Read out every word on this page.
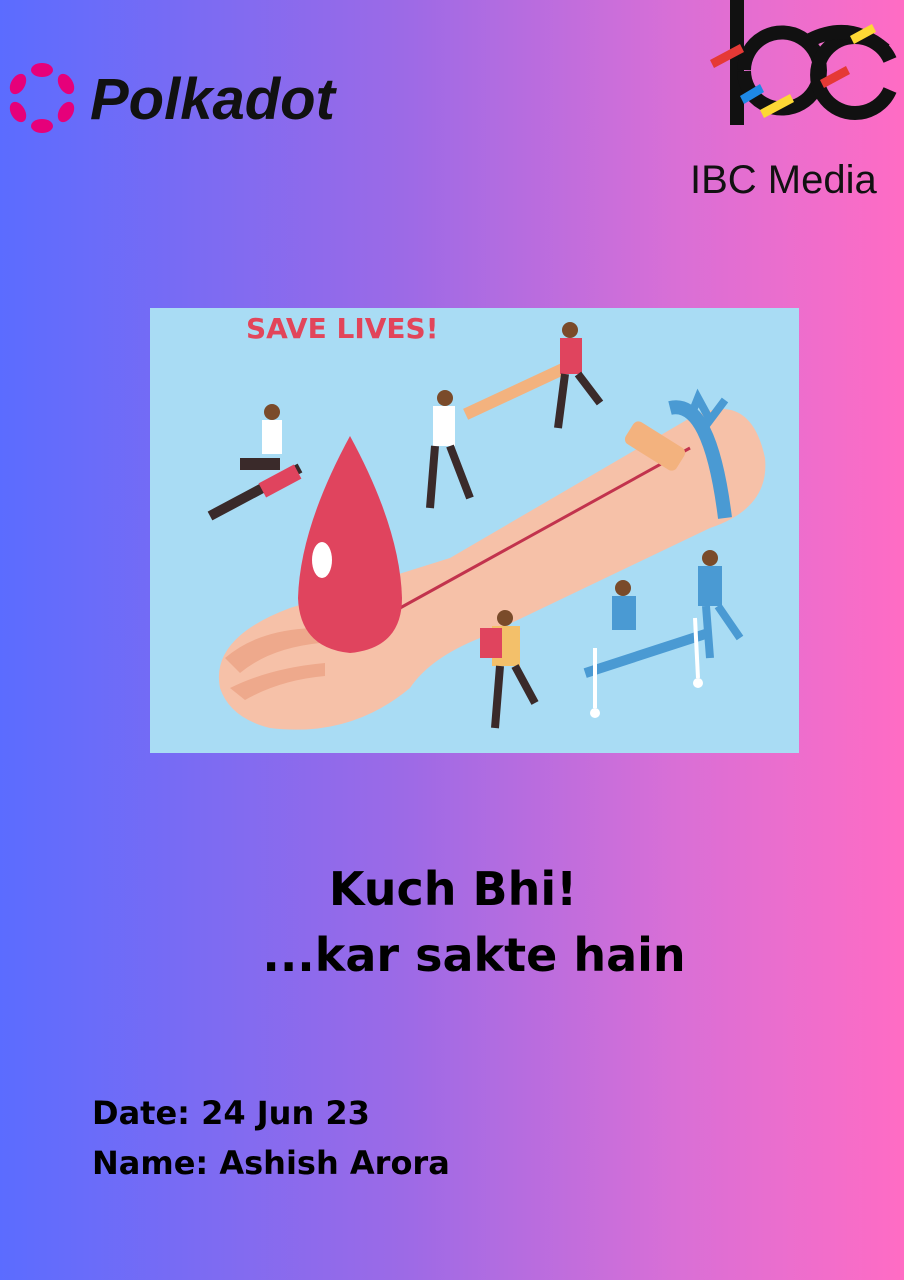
Polkadot
IBC Media
SAVE LIVES!
Kuch Bhi!
...kar sakte hain
Date: 24 Jun 23
Name: Ashish Arora
